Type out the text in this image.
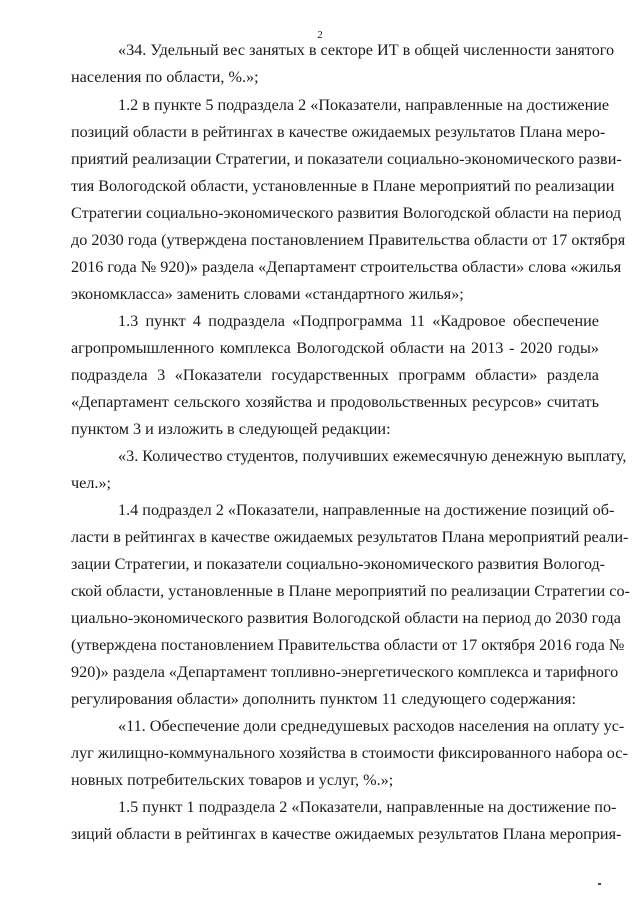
2
«34. Удельный вес занятых в секторе ИТ в общей численности занятого
населения по области, %.»;
1.2 в пункте 5 подраздела 2 «Показатели, направленные на достижение
позиций области в рейтингах в качестве ожидаемых результатов Плана меро-
приятий реализации Стратегии, и показатели социально-экономического разви-
тия Вологодской области, установленные в Плане мероприятий по реализации
Стратегии социально-экономического развития Вологодской области на период
до 2030 года (утверждена постановлением Правительства области от 17 октября
2016 года № 920)» раздела «Департамент строительства области» слова «жилья
экономкласса» заменить словами «стандартного жилья»;
1.3 пункт 4 подраздела «Подпрограмма 11 «Кадровое обеспечение
агропромышленного комплекса Вологодской области на 2013 - 2020 годы»
подраздела 3 «Показатели государственных программ области» раздела
«Департамент сельского хозяйства и продовольственных ресурсов» считать
пунктом 3 и изложить в следующей редакции:
«3. Количество студентов, получивших ежемесячную денежную выплату,
чел.»;
1.4 подраздел 2 «Показатели, направленные на достижение позиций об-
ласти в рейтингах в качестве ожидаемых результатов Плана мероприятий реали-
зации Стратегии, и показатели социально-экономического развития Вологод-
ской области, установленные в Плане мероприятий по реализации Стратегии со-
циально-экономического развития Вологодской области на период до 2030 года
(утверждена постановлением Правительства области от 17 октября 2016 года №
920)» раздела «Департамент топливно-энергетического комплекса и тарифного
регулирования области» дополнить пунктом 11 следующего содержания:
«11. Обеспечение доли среднедушевых расходов населения на оплату ус-
луг жилищно-коммунального хозяйства в стоимости фиксированного набора ос-
новных потребительских товаров и услуг, %.»;
1.5 пункт 1 подраздела 2 «Показатели, направленные на достижение по-
зиций области в рейтингах в качестве ожидаемых результатов Плана мероприя-
